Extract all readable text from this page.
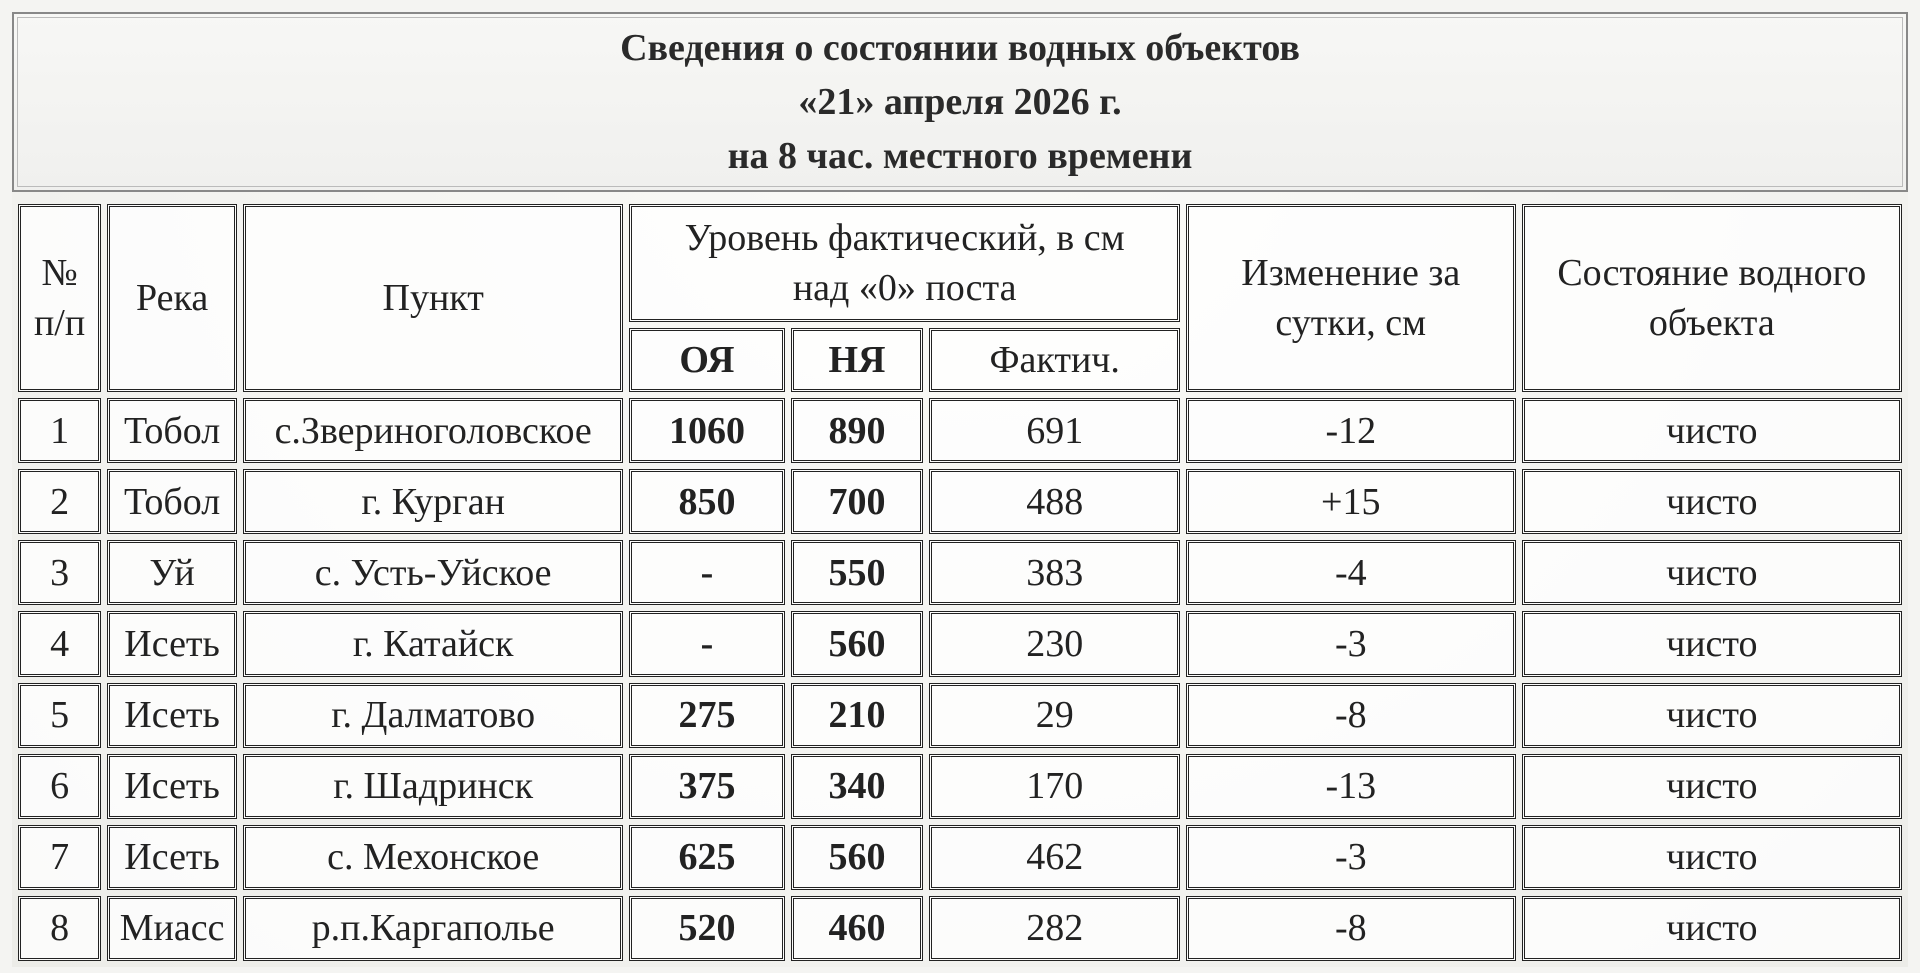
Сведения о состоянии водных объектов
«21» апреля 2026 г.
на 8 час. местного времени
№ п/п	Река	Пункт	Уровень фактический, в см над «0» поста			Изменение за сутки, см	Состояние водного объекта
			ОЯ	НЯ	Фактич.		
1	Тобол	с.Звериноголовское	1060	890	691	-12	чисто
2	Тобол	г. Курган	850	700	488	+15	чисто
3	Уй	с. Усть-Уйское	-	550	383	-4	чисто
4	Исеть	г. Катайск	-	560	230	-3	чисто
5	Исеть	г. Далматово	275	210	29	-8	чисто
6	Исеть	г. Шадринск	375	340	170	-13	чисто
7	Исеть	с. Мехонское	625	560	462	-3	чисто
8	Миасс	р.п.Каргаполье	520	460	282	-8	чисто
